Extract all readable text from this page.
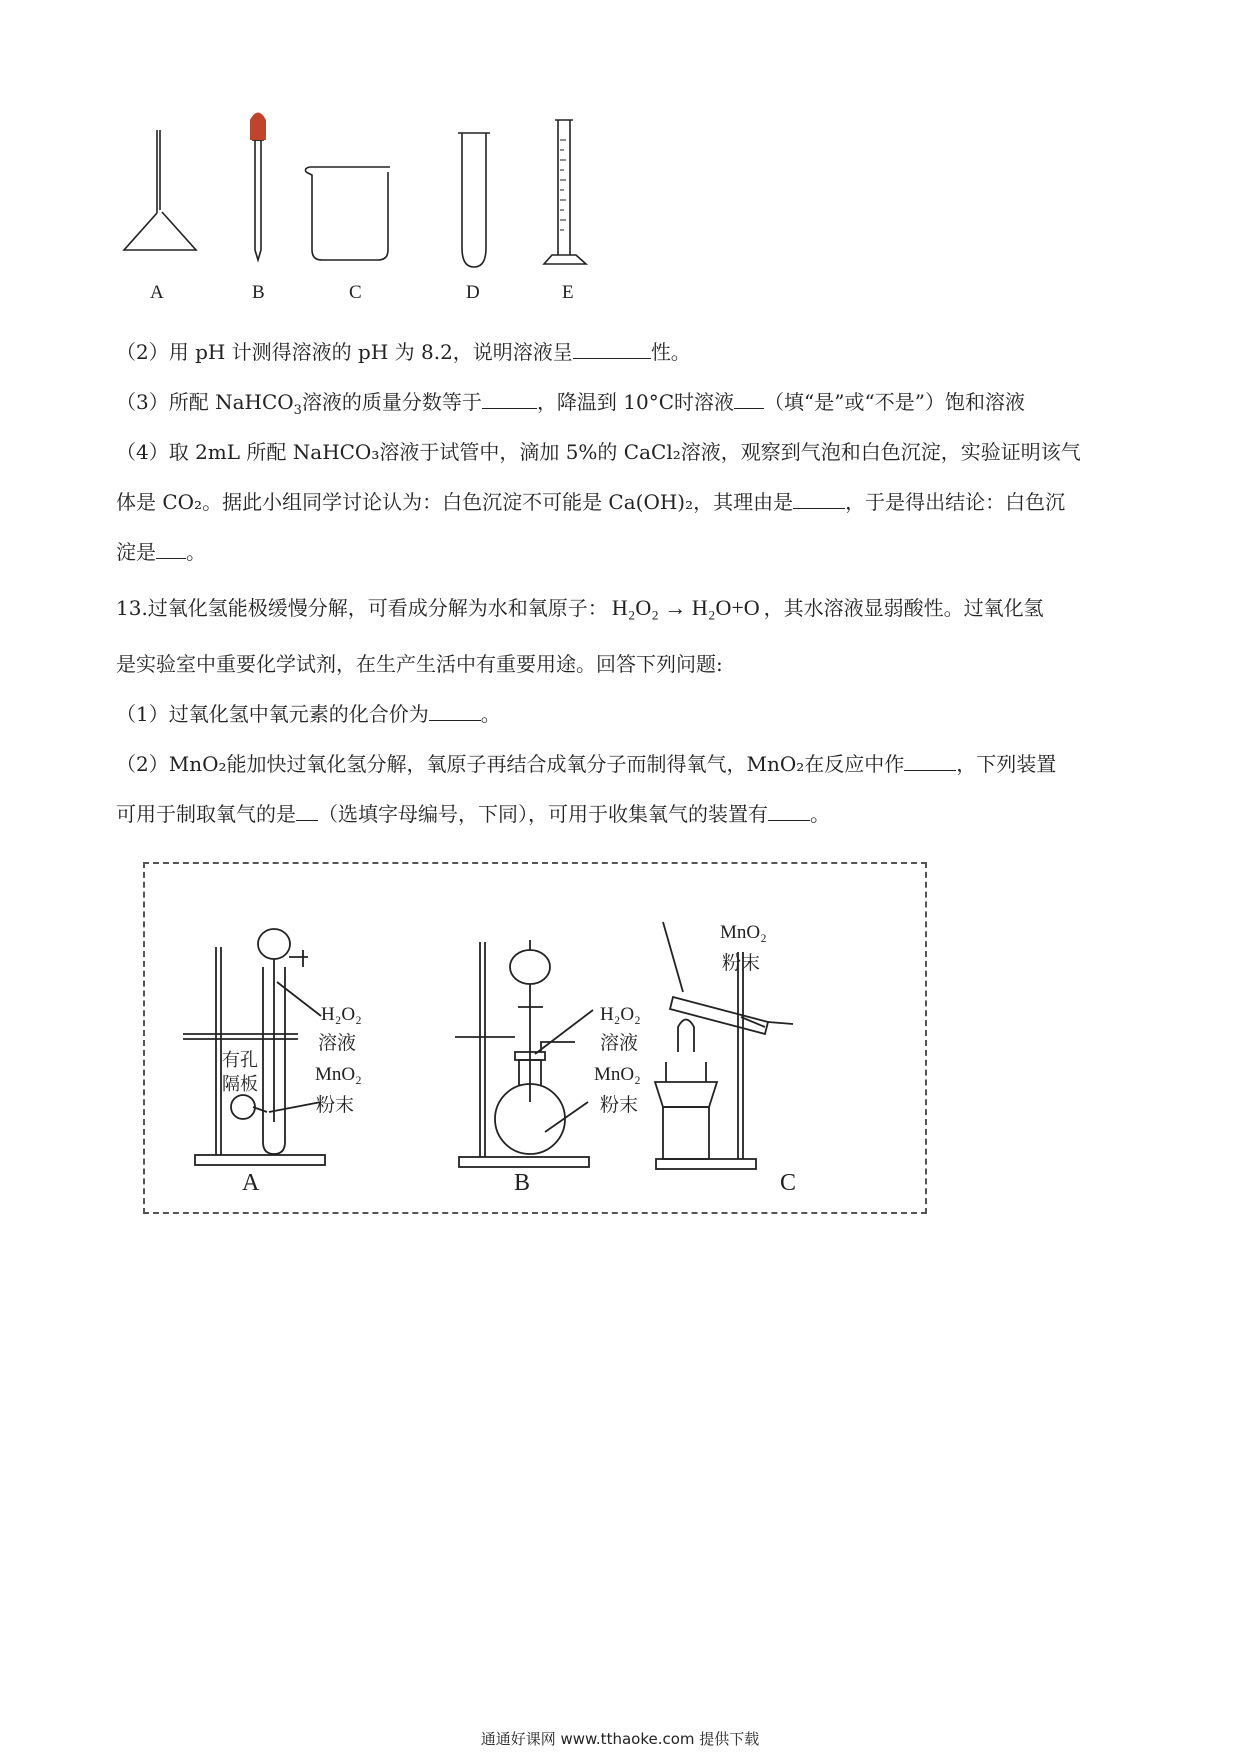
A	B	C	D	E
（2）用 pH 计测得溶液的 pH 为 8.2，说明溶液呈	性。
（3）所配 NaHCO$_3$溶液的质量分数等于	，降温到 10°C时溶液 （填“是”或“不是”）饱和溶液
（4）取 2mL 所配 NaHCO₃溶液于试管中，滴加 5%的 CaCl₂溶液，观察到气泡和白色沉淀，实验证明该气
体是 CO₂。据此小组同学讨论认为：白色沉淀不可能是 Ca(OH)₂，其理由是	，于是得出结论：白色沉
淀是 。
13.过氧化氢能极缓慢分解，可看成分解为水和氧原子： H₂O₂ → H₂O+O ，其水溶液显弱酸性。过氧化氢
是实验室中重要化学试剂，在生产生活中有重要用途。回答下列问题:
（1）过氧化氢中氧元素的化合价为	。
（2）MnO₂能加快过氧化氢分解，氧原子再结合成氧分子而制得氧气，MnO₂在反应中作	，下列装置
可用于制取氧气的是 （选填字母编号，下同），可用于收集氧气的装置有 。
H₂O₂
溶液
MnO₂
粉末
有孔
隔板
H₂O₂
溶液
MnO₂
粉末
MnO₂
粉末
A	B	C
通通好课网 www.tthaoke.com 提供下载
